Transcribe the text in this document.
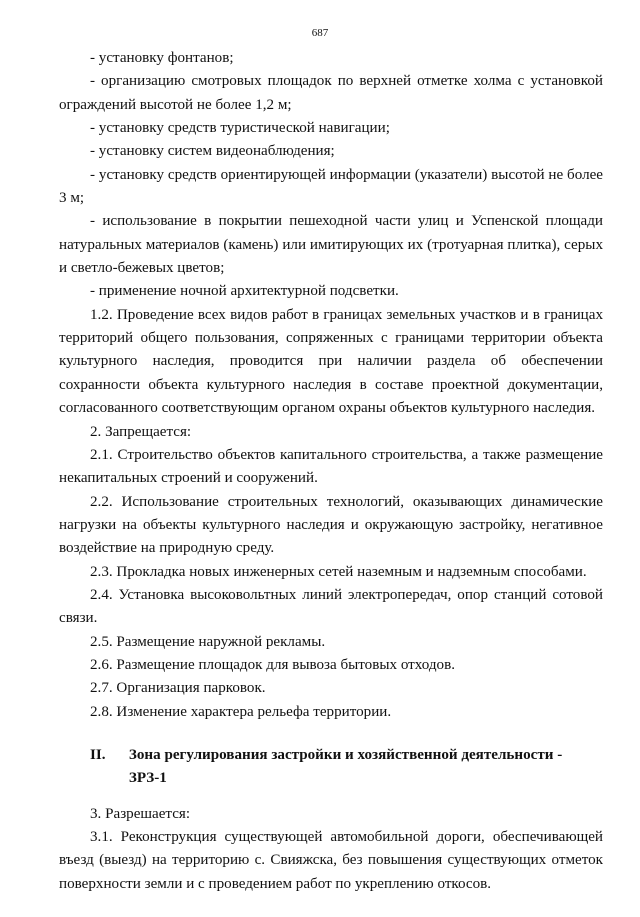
687

- установку фонтанов;

- организацию смотровых площадок по верхней отметке холма с установкой ограждений высотой не более 1,2 м;

- установку средств туристической навигации;

- установку систем видеонаблюдения;

- установку средств ориентирующей информации (указатели) высотой не более 3 м;

- использование в покрытии пешеходной части улиц и Успенской площади натуральных материалов (камень) или имитирующих их (тротуарная плитка), серых и светло-бежевых цветов;

- применение ночной архитектурной подсветки.

1.2. Проведение всех видов работ в границах земельных участков и в границах территорий общего пользования, сопряженных с границами территории объекта культурного наследия, проводится при наличии раздела об обеспечении сохранности объекта культурного наследия в составе проектной документации, согласованного соответствующим органом охраны объектов культурного наследия.

2. Запрещается:

2.1. Строительство объектов капитального строительства, а также размещение некапитальных строений и сооружений.

2.2. Использование строительных технологий, оказывающих динамические нагрузки на объекты культурного наследия и окружающую застройку, негативное воздействие на природную среду.

2.3. Прокладка новых инженерных сетей наземным и надземным способами.

2.4. Установка высоковольтных линий электропередач, опор станций сотовой связи.

2.5. Размещение наружной рекламы.

2.6. Размещение площадок для вывоза бытовых отходов.

2.7. Организация парковок.

2.8. Изменение характера рельефа территории.

II.	Зона регулирования застройки и хозяйственной деятельности - ЗРЗ-1

3. Разрешается:

3.1. Реконструкция существующей автомобильной дороги, обеспечивающей въезд (выезд) на территорию с. Свияжска, без повышения существующих отметок поверхности земли и с проведением работ по укреплению откосов.
